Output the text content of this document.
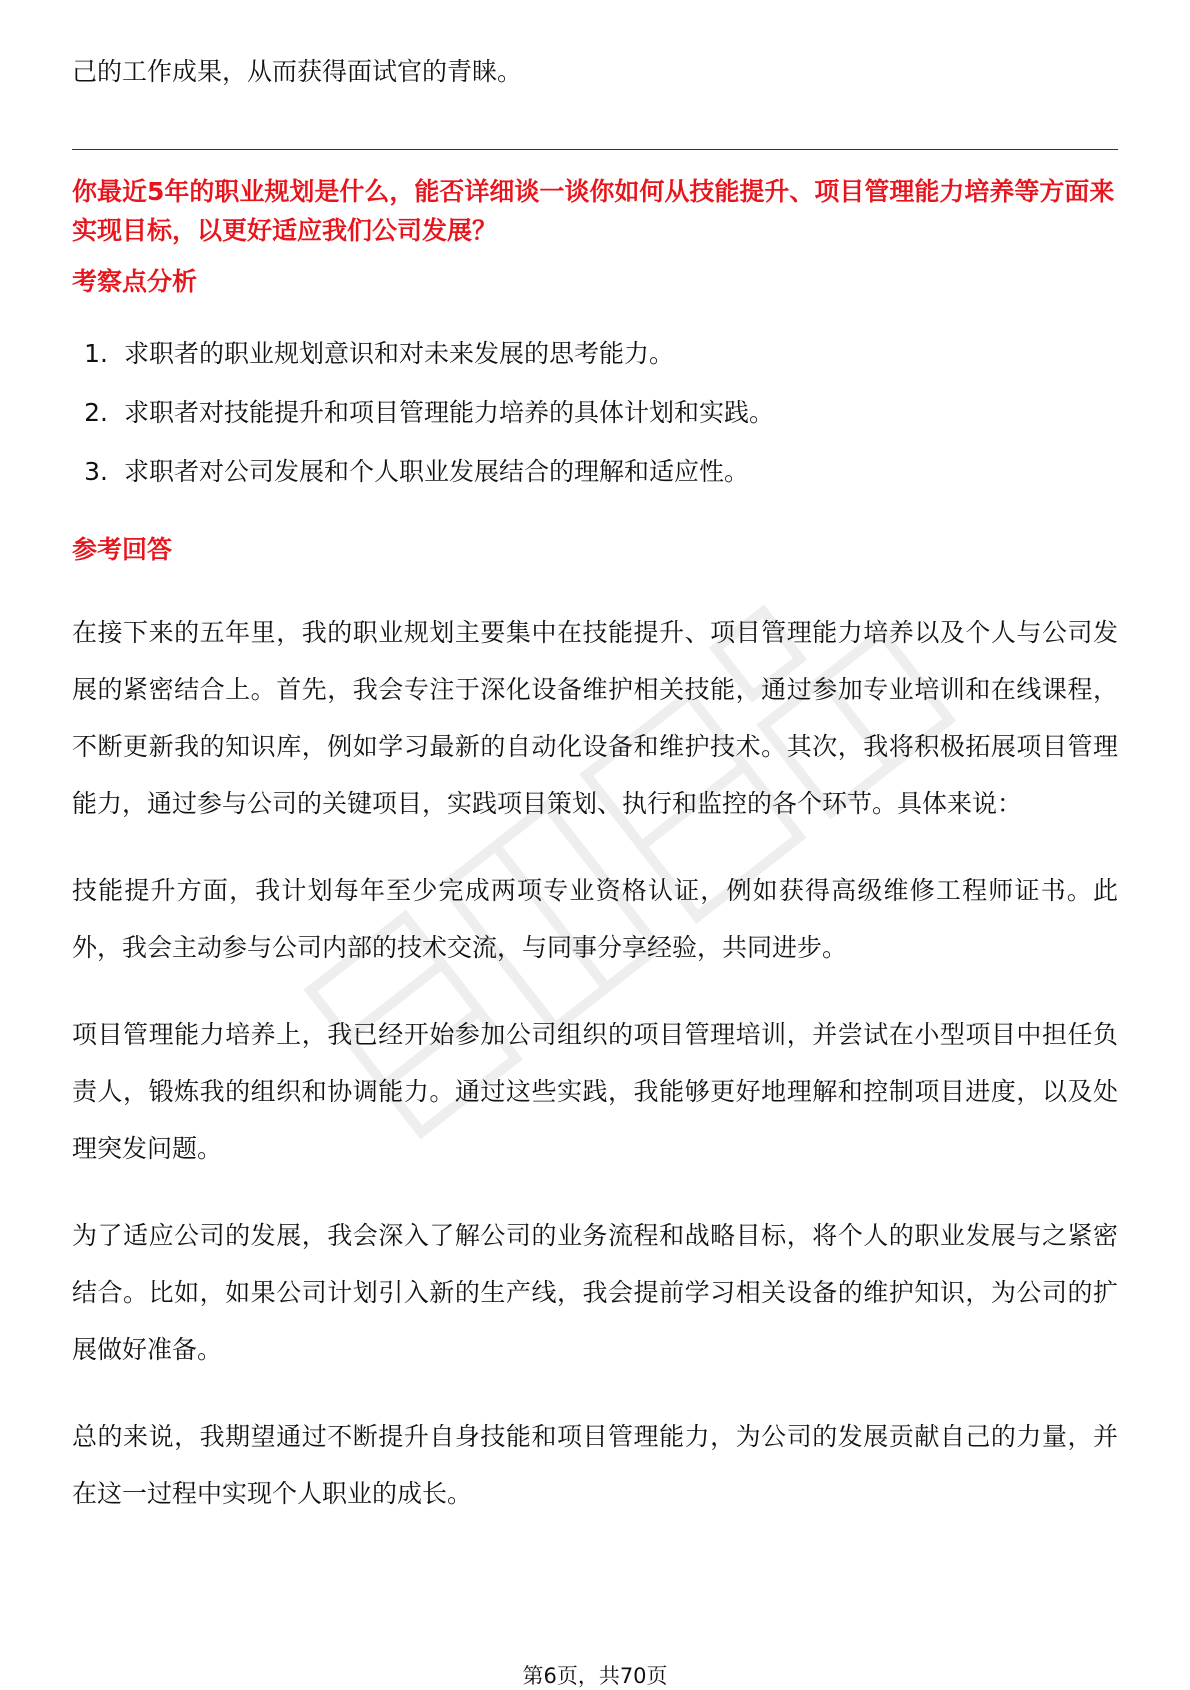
己的工作成果，从而获得面试官的青睐。

你最近5年的职业规划是什么，能否详细谈一谈你如何从技能提升、项目管理能力培养等方面来实现目标，以更好适应我们公司发展？

考察点分析
1. 求职者的职业规划意识和对未来发展的思考能力。
2. 求职者对技能提升和项目管理能力培养的具体计划和实践。
3. 求职者对公司发展和个人职业发展结合的理解和适应性。
参考回答

在接下来的五年里，我的职业规划主要集中在技能提升、项目管理能力培养以及个人与公司发展的紧密结合上。首先，我会专注于深化设备维护相关技能，通过参加专业培训和在线课程，不断更新我的知识库，例如学习最新的自动化设备和维护技术。其次，我将积极拓展项目管理能力，通过参与公司的关键项目，实践项目策划、执行和监控的各个环节。具体来说：

技能提升方面，我计划每年至少完成两项专业资格认证，例如获得高级维修工程师证书。此外，我会主动参与公司内部的技术交流，与同事分享经验，共同进步。

项目管理能力培养上，我已经开始参加公司组织的项目管理培训，并尝试在小型项目中担任负责人，锻炼我的组织和协调能力。通过这些实践，我能够更好地理解和控制项目进度，以及处理突发问题。

为了适应公司的发展，我会深入了解公司的业务流程和战略目标，将个人的职业发展与之紧密结合。比如，如果公司计划引入新的生产线，我会提前学习相关设备的维护知识，为公司的扩展做好准备。

总的来说，我期望通过不断提升自身技能和项目管理能力，为公司的发展贡献自己的力量，并在这一过程中实现个人职业的成长。

第6页，共70页
